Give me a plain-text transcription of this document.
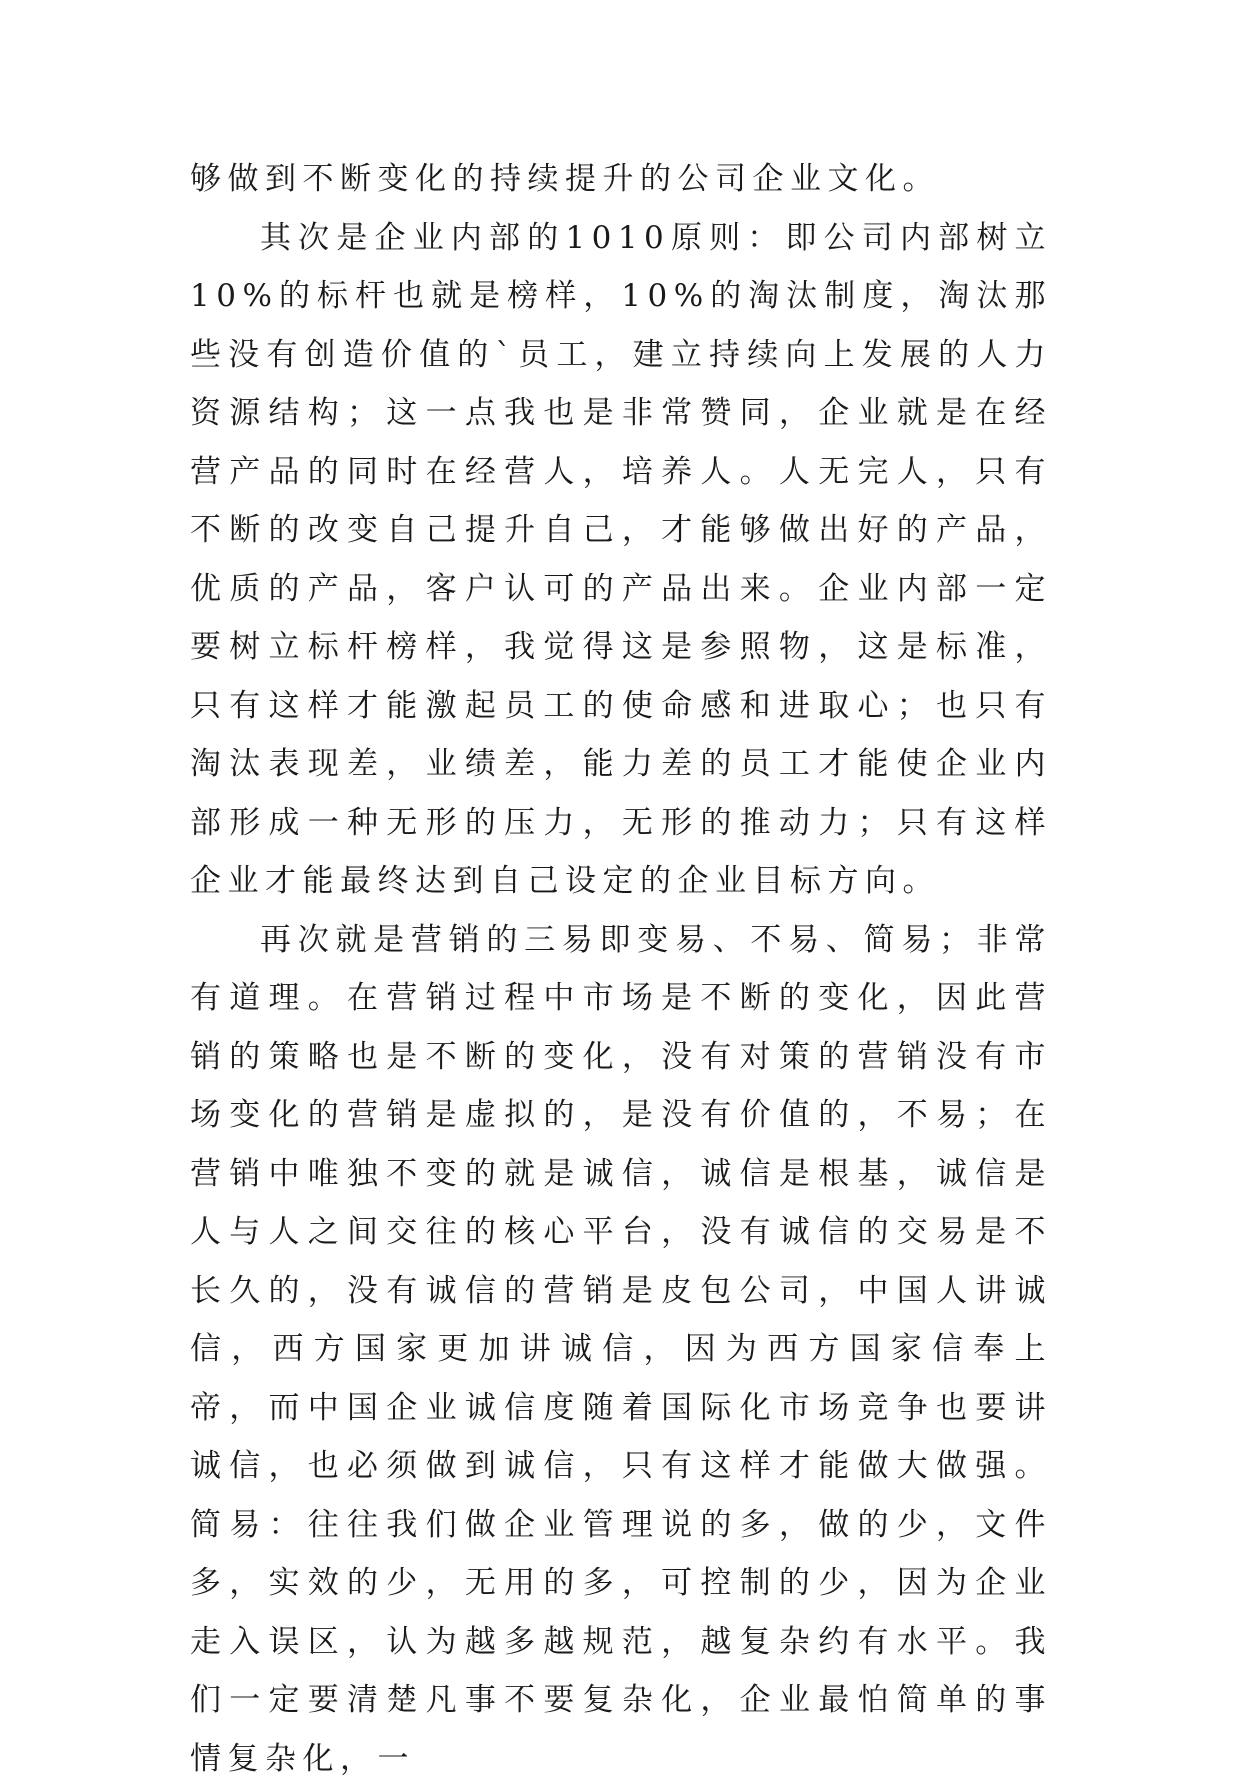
够做到不断变化的持续提升的公司企业文化。

其次是企业内部的1010原则：即公司内部树立10%的标杆也就是榜样，10%的淘汰制度，淘汰那些没有创造价值的`员工，建立持续向上发展的人力资源结构；这一点我也是非常赞同，企业就是在经营产品的同时在经营人，培养人。人无完人，只有不断的改变自己提升自己，才能够做出好的产品，优质的产品，客户认可的产品出来。企业内部一定要树立标杆榜样，我觉得这是参照物，这是标准，只有这样才能激起员工的使命感和进取心；也只有淘汰表现差，业绩差，能力差的员工才能使企业内部形成一种无形的压力，无形的推动力；只有这样企业才能最终达到自己设定的企业目标方向。

再次就是营销的三易即变易、不易、简易；非常有道理。在营销过程中市场是不断的变化，因此营销的策略也是不断的变化，没有对策的营销没有市场变化的营销是虚拟的，是没有价值的，不易；在营销中唯独不变的就是诚信，诚信是根基，诚信是人与人之间交往的核心平台，没有诚信的交易是不长久的，没有诚信的营销是皮包公司，中国人讲诚信，西方国家更加讲诚信，因为西方国家信奉上帝，而中国企业诚信度随着国际化市场竞争也要讲诚信，也必须做到诚信，只有这样才能做大做强。简易：往往我们做企业管理说的多，做的少，文件多，实效的少，无用的多，可控制的少，因为企业走入误区，认为越多越规范，越复杂约有水平。我们一定要清楚凡事不要复杂化，企业最怕简单的事情复杂化，一
